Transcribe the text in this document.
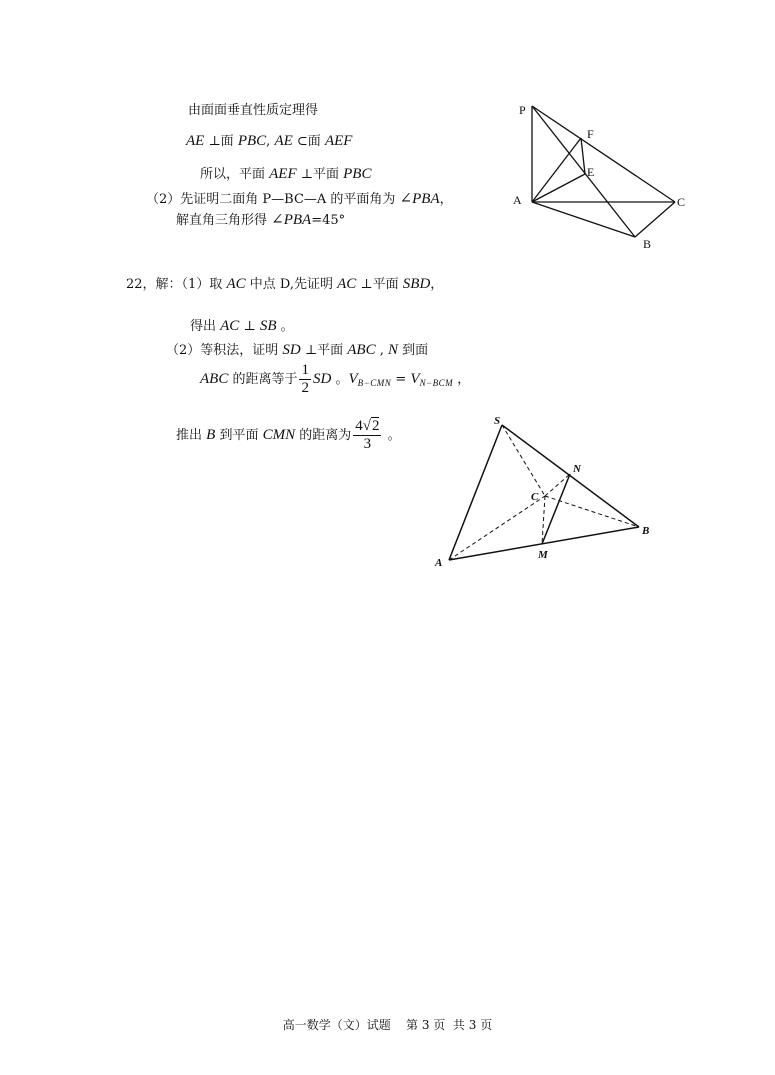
由面面垂直性质定理得
AE ⊥面 PBC, AE ⊂面 AEF
所以，平面 AEF ⊥平面 PBC
（2）先证明二面角 P—BC—A 的平面角为 ∠PBA，
解直角三角形得 ∠PBA=45°
P
F
E
A	C
B
22，解：（1）取 AC 中点 D,先证明 AC ⊥平面 SBD，
得出 AC ⊥ SB 。
（2）等积法，证明 SD ⊥平面 ABC , N 到面
ABC 的距离等于 $\frac{1}{2}$ SD 。$V_{B-CMN} = V_{N-BCM}$ ，
推出 B 到平面 CMN 的距离为 $\frac{4√2}{3}$ 。
S
N
C
B
M
A
高一数学（文）试题    第 3 页  共 3 页
